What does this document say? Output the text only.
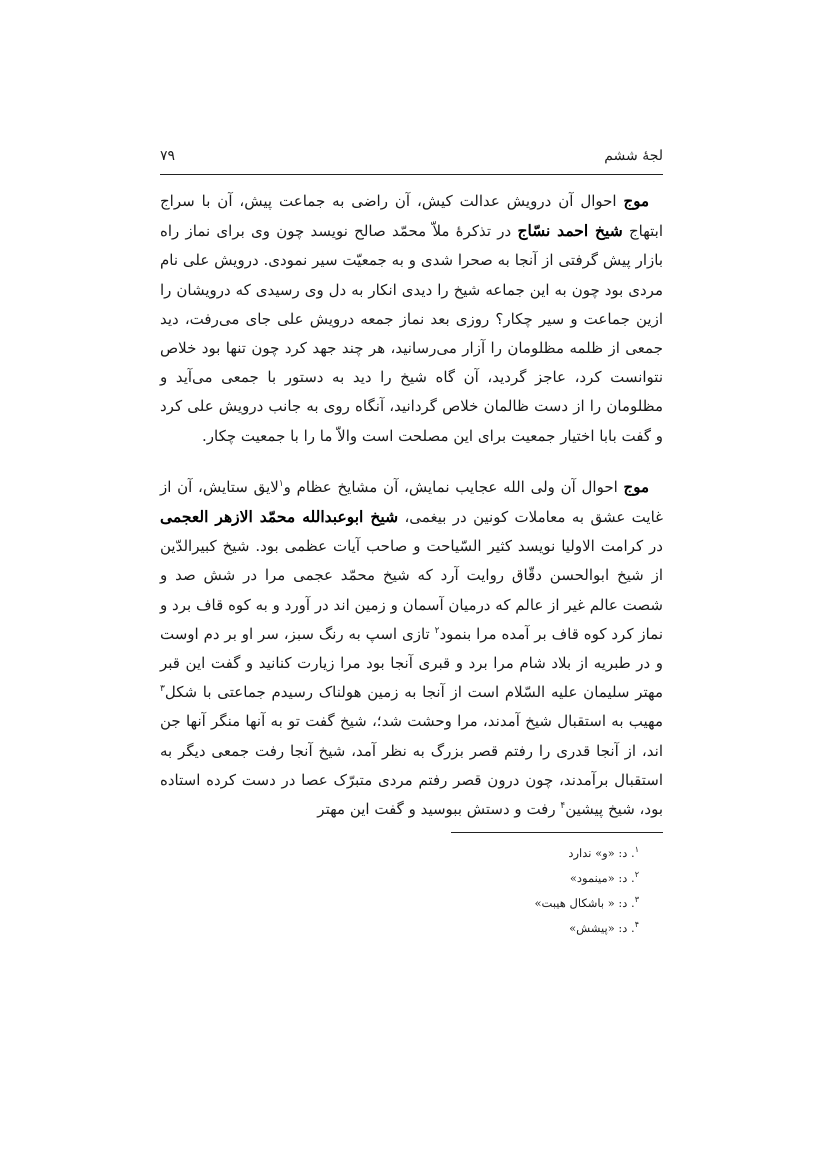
لجۀ ششم
۷۹

موج احوال آن درویش عدالت کیش، آن راضی به جماعت پیش، آن با سراج ابتهاج شیخ احمد نسّاج در تذکرۀ ملاّ محمّد صالح نویسد چون وی برای نماز راه بازار پیش گرفتی از آنجا به صحرا شدی و به جمعیّت سیر نمودی. درویش علی نام مردی بود چون به این جماعه شیخ را دیدی انکار به دل وی رسیدی که درویشان را ازین جماعت و سیر چکار؟ روزی بعد نماز جمعه درویش علی جای می‌رفت، دید جمعی از ظلمه مظلومان را آزار می‌رسانید، هر چند جهد کرد چون تنها بود خلاص نتوانست کرد، عاجز گردید، آن گاه شیخ را دید به دستور با جمعی می‌آید و مظلومان را از دست ظالمان خلاص گردانید، آنگاه روی به جانب درویش علی کرد و گفت بابا اختیار جمعیت برای این مصلحت است والاّ ما را با جمعیت چکار.

موج احوال آن ولی الله عجایب نمایش، آن مشایخ عظام و$^۱$لایق ستایش، آن از غایت عشق به معاملات کونین در بیغمی، شیخ ابوعبدالله محمّد الازهر العجمی در کرامت الاولیا نویسد کثیر السّیاحت و صاحب آیات عظمی بود. شیخ کبیرالدّین از شیخ ابوالحسن دقّاق روایت آرد که شیخ محمّد عجمی مرا در شش صد و شصت عالم غیر از عالم که درمیان آسمان و زمین اند در آورد و به کوه قاف برد و نماز کرد کوه قاف بر آمده مرا بنمود$^۲$ تازی اسپ به رنگ سبز، سر او بر دم اوست و در طبریه از بلاد شام مرا برد و قبری آنجا بود مرا زیارت کنانید و گفت این قبر مهتر سلیمان علیه السّلام است از آنجا به زمین هولناک رسیدم جماعتی با شکل$^۳$ مهیب به استقبال شیخ آمدند، مرا وحشت شد؛، شیخ گفت تو به آنها منگر آنها جن اند، از آنجا قدری را رفتم قصر بزرگ به نظر آمد، شیخ آنجا رفت جمعی دیگر به استقبال برآمدند، چون درون قصر رفتم مردی متبرّک عصا در دست کرده استاده بود، شیخ پیشین$^۴$ رفت و دستش ببوسید و گفت این مهتر

$^۱$. د: «و» ندارد

$^۲$. د: «مینمود»

$^۳$. د: « باشکال هیبت»

$^۴$. د: «پیشش»
